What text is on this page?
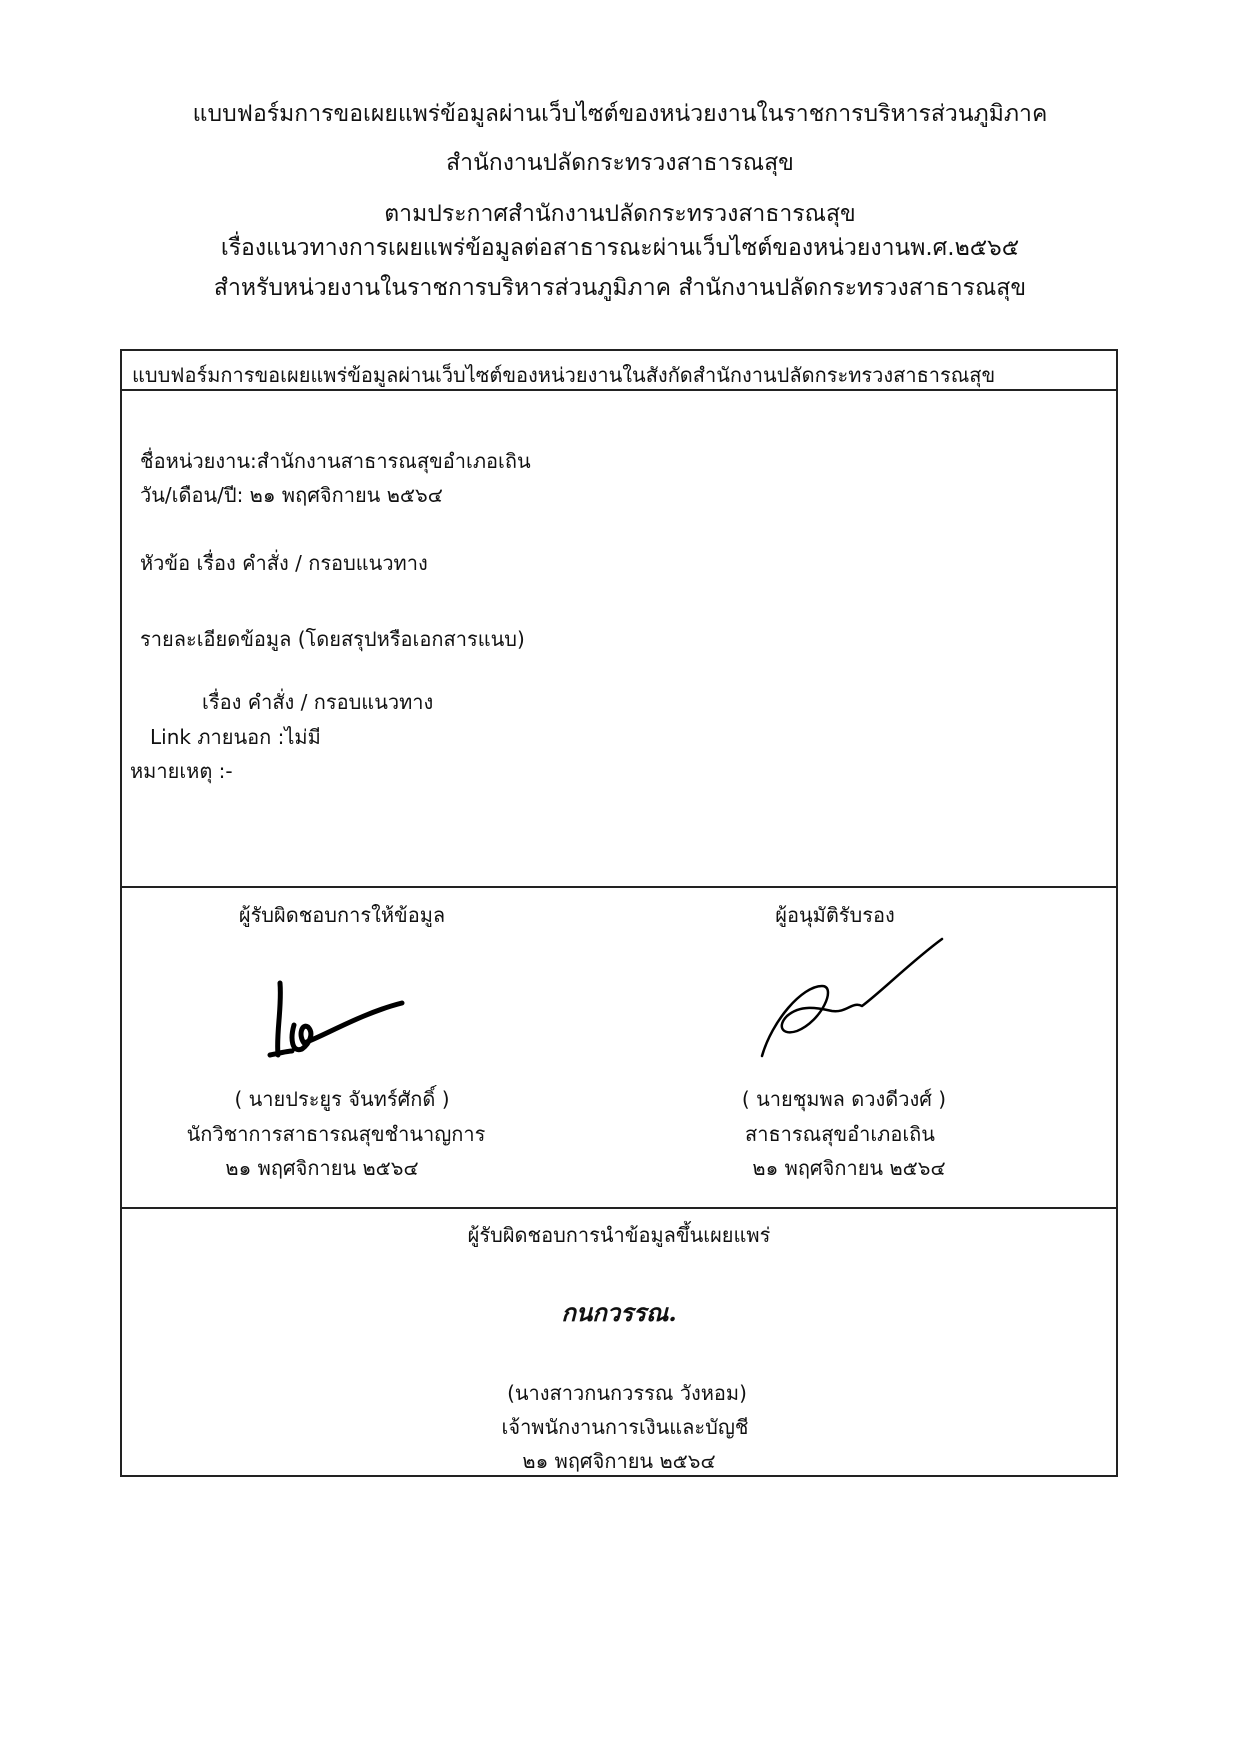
แบบฟอร์มการขอเผยแพร่ข้อมูลผ่านเว็บไซต์ของหน่วยงานในราชการบริหารส่วนภูมิภาค
สำนักงานปลัดกระทรวงสาธารณสุข
ตามประกาศสำนักงานปลัดกระทรวงสาธารณสุข
เรื่องแนวทางการเผยแพร่ข้อมูลต่อสาธารณะผ่านเว็บไซต์ของหน่วยงานพ.ศ.๒๕๖๕
สำหรับหน่วยงานในราชการบริหารส่วนภูมิภาค สำนักงานปลัดกระทรวงสาธารณสุข
แบบฟอร์มการขอเผยแพร่ข้อมูลผ่านเว็บไซต์ของหน่วยงานในสังกัดสำนักงานปลัดกระทรวงสาธารณสุข
ชื่อหน่วยงาน:สำนักงานสาธารณสุขอำเภอเถิน
วัน/เดือน/ปี: ๒๑ พฤศจิกายน ๒๕๖๔
หัวข้อ เรื่อง คำสั่ง / กรอบแนวทาง
รายละเอียดข้อมูล (โดยสรุปหรือเอกสารแนบ)
เรื่อง คำสั่ง / กรอบแนวทาง
Link ภายนอก :ไม่มี
หมายเหตุ :-
ผู้รับผิดชอบการให้ข้อมูล
( นายประยูร จันทร์ศักดิ์ )
นักวิชาการสาธารณสุขชำนาญการ
๒๑ พฤศจิกายน ๒๕๖๔
ผู้อนุมัติรับรอง
( นายชุมพล ดวงดีวงศ์ )
สาธารณสุขอำเภอเถิน
๒๑ พฤศจิกายน ๒๕๖๔
ผู้รับผิดชอบการนำข้อมูลขึ้นเผยแพร่
กนกวรรณ.
(นางสาวกนกวรรณ วังหอม)
เจ้าพนักงานการเงินและบัญชี
๒๑ พฤศจิกายน ๒๕๖๔
